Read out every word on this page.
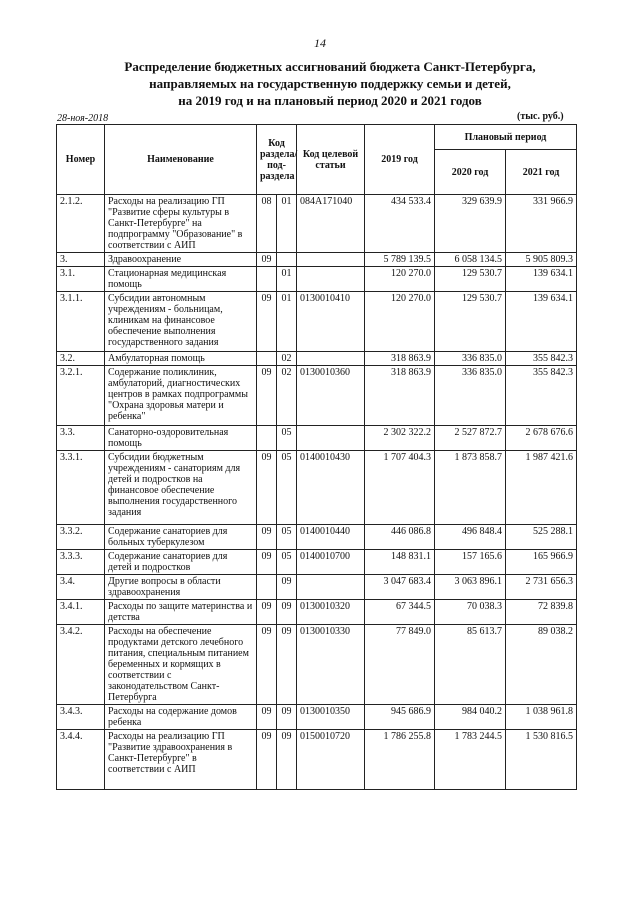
14
Распределение бюджетных ассигнований бюджета Санкт-Петербурга,
направляемых на государственную поддержку семьи и детей,
на 2019 год и на плановый период 2020 и 2021 годов
28-ноя-2018	(тыс. руб.)
Номер	Наименование	Код раздела/ под-раздела		Код целевой статьи	2019 год	Плановый период	
						2020 год	2021 год
2.1.2.	Расходы на реализацию ГП "Развитие сферы культуры в Санкт-Петербурге" на подпрограмму "Образование" в соответствии с АИП	08	01	084А171040	434 533.4	329 639.9	331 966.9
3.	Здравоохранение	09			5 789 139.5	6 058 134.5	5 905 809.3
3.1.	Стационарная медицинская помощь		01		120 270.0	129 530.7	139 634.1
3.1.1.	Субсидии автономным учреждениям - больницам, клиникам на финансовое обеспечение выполнения государственного задания	09	01	0130010410	120 270.0	129 530.7	139 634.1
3.2.	Амбулаторная помощь		02		318 863.9	336 835.0	355 842.3
3.2.1.	Содержание поликлиник, амбулаторий, диагностических центров в рамках подпрограммы "Охрана здоровья матери и ребенка"	09	02	0130010360	318 863.9	336 835.0	355 842.3
3.3.	Санаторно-оздоровительная помощь		05		2 302 322.2	2 527 872.7	2 678 676.6
3.3.1.	Субсидии бюджетным учреждениям - санаториям для детей и подростков на финансовое обеспечение выполнения государственного задания	09	05	0140010430	1 707 404.3	1 873 858.7	1 987 421.6
3.3.2.	Содержание санаториев для больных туберкулезом	09	05	0140010440	446 086.8	496 848.4	525 288.1
3.3.3.	Содержание санаториев для детей и подростков	09	05	0140010700	148 831.1	157 165.6	165 966.9
3.4.	Другие вопросы в области здравоохранения		09		3 047 683.4	3 063 896.1	2 731 656.3
3.4.1.	Расходы по защите материнства и детства	09	09	0130010320	67 344.5	70 038.3	72 839.8
3.4.2.	Расходы на обеспечение продуктами детского лечебного питания, специальным питанием беременных и кормящих в соответствии с законодательством Санкт-Петербурга	09	09	0130010330	77 849.0	85 613.7	89 038.2
3.4.3.	Расходы на содержание домов ребенка	09	09	0130010350	945 686.9	984 040.2	1 038 961.8
3.4.4.	Расходы на реализацию ГП "Развитие здравоохранения в Санкт-Петербурге" в соответствии с АИП	09	09	0150010720	1 786 255.8	1 783 244.5	1 530 816.5
